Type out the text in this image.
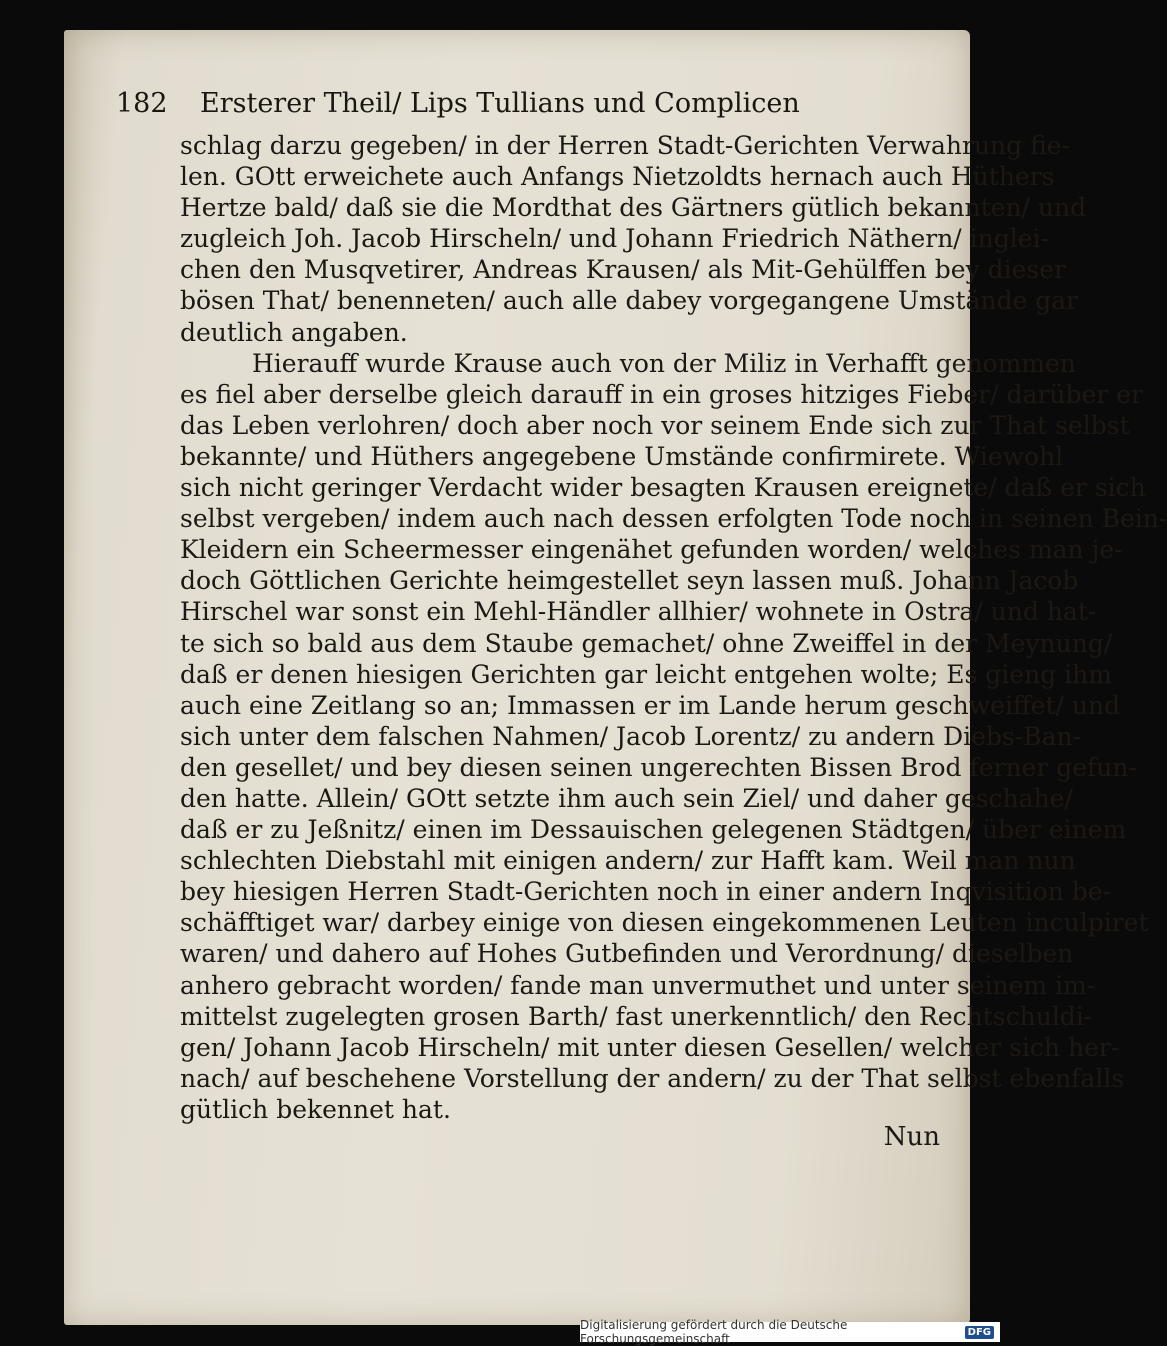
182 Ersterer Theil/ Lips Tullians und Complicen
schlag darzu gegeben/ in der Herren Stadt-Gerichten Verwahrung fie-
len. GOtt erweichete auch Anfangs Nietzoldts hernach auch Hüthers
Hertze bald/ daß sie die Mordthat des Gärtners gütlich bekannten/ und
zugleich Joh. Jacob Hirscheln/ und Johann Friedrich Näthern/ inglei-
chen den Musqvetirer, Andreas Krausen/ als Mit-Gehülffen bey dieser
bösen That/ benenneten/ auch alle dabey vorgegangene Umstände gar
deutlich angaben.
Hierauff wurde Krause auch von der Miliz in Verhafft genommen
es fiel aber derselbe gleich darauff in ein groses hitziges Fieber/ darüber er
das Leben verlohren/ doch aber noch vor seinem Ende sich zur That selbst
bekannte/ und Hüthers angegebene Umstände confirmirete. Wiewohl
sich nicht geringer Verdacht wider besagten Krausen ereignete/ daß er sich
selbst vergeben/ indem auch nach dessen erfolgten Tode noch in seinen Bein-
Kleidern ein Scheermesser eingenähet gefunden worden/ welches man je-
doch Göttlichen Gerichte heimgestellet seyn lassen muß. Johann Jacob
Hirschel war sonst ein Mehl-Händler allhier/ wohnete in Ostra/ und hat-
te sich so bald aus dem Staube gemachet/ ohne Zweiffel in der Meynung/
daß er denen hiesigen Gerichten gar leicht entgehen wolte; Es gieng ihm
auch eine Zeitlang so an; Immassen er im Lande herum geschweiffet/ und
sich unter dem falschen Nahmen/ Jacob Lorentz/ zu andern Diebs-Ban-
den gesellet/ und bey diesen seinen ungerechten Bissen Brod ferner gefun-
den hatte. Allein/ GOtt setzte ihm auch sein Ziel/ und daher geschahe/
daß er zu Jeßnitz/ einen im Dessauischen gelegenen Städtgen/ über einem
schlechten Diebstahl mit einigen andern/ zur Hafft kam. Weil man nun
bey hiesigen Herren Stadt-Gerichten noch in einer andern Inqvisition be-
schäfftiget war/ darbey einige von diesen eingekommenen Leuten inculpiret
waren/ und dahero auf Hohes Gutbefinden und Verordnung/ dieselben
anhero gebracht worden/ fande man unvermuthet und unter seinem im-
mittelst zugelegten grosen Barth/ fast unerkenntlich/ den Rechtschuldi-
gen/ Johann Jacob Hirscheln/ mit unter diesen Gesellen/ welcher sich her-
nach/ auf beschehene Vorstellung der andern/ zu der That selbst ebenfalls
gütlich bekennet hat.
Nun
Digitalisierung gefördert durch die Deutsche Forschungsgemeinschaft	DFG
